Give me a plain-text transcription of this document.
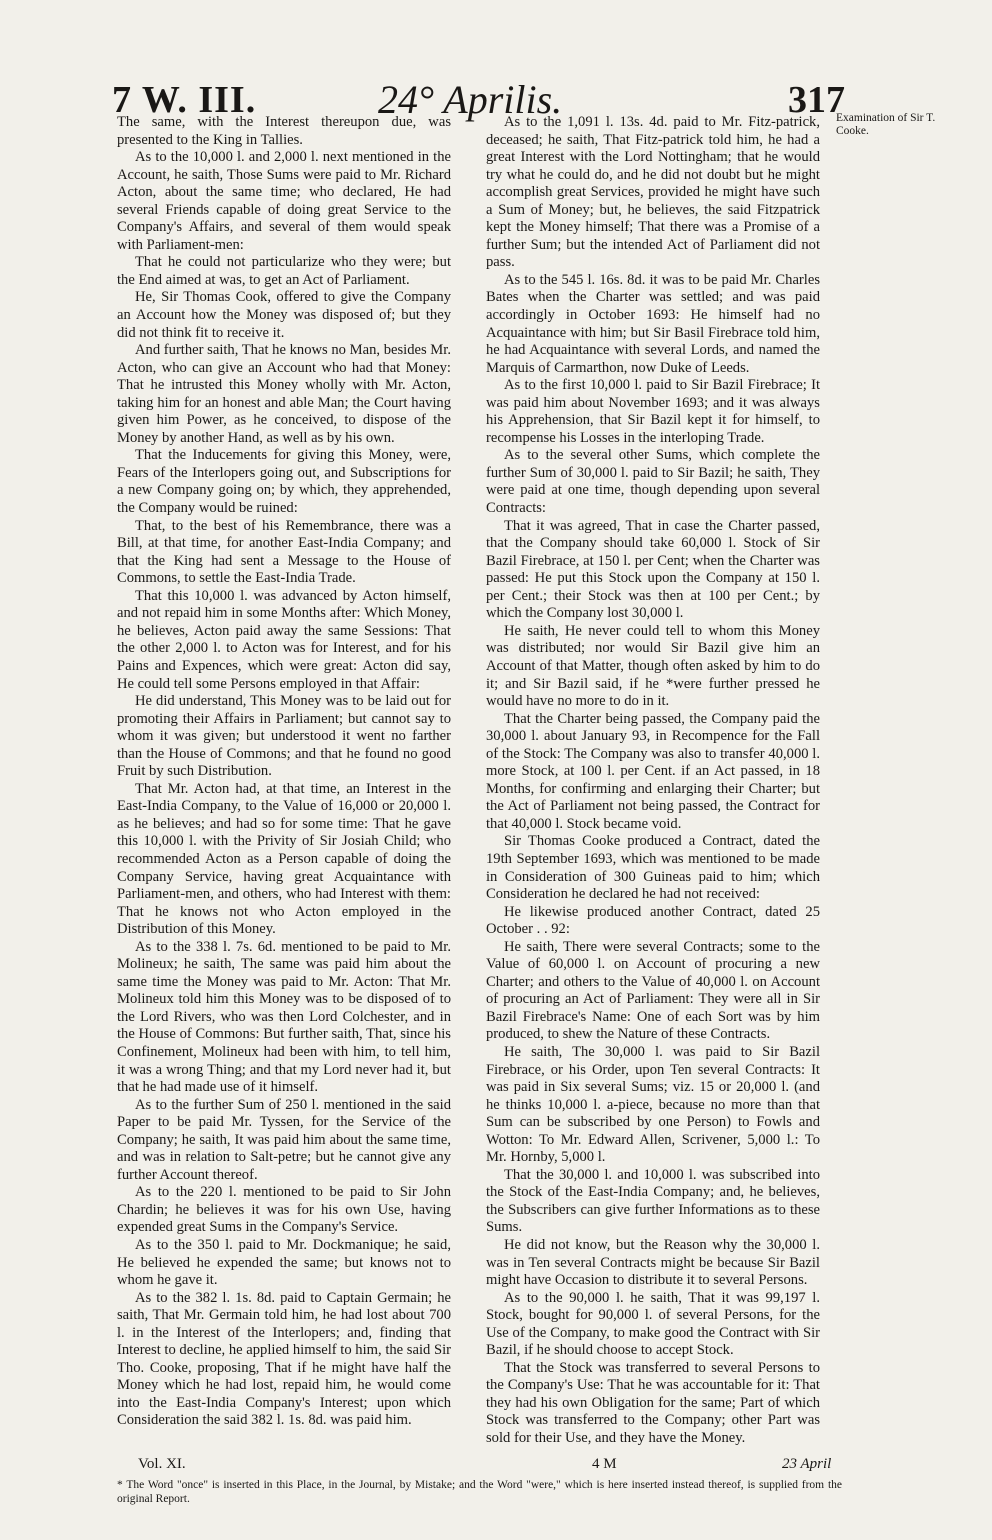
7 W. III.	24° Aprilis.	317
Examination of Sir T. Cooke.

The same, with the Interest thereupon due, was presented to the King in Tallies.

As to the 10,000 l. and 2,000 l. next mentioned in the Account, he saith, Those Sums were paid to Mr. Richard Acton, about the same time; who declared, He had several Friends capable of doing great Service to the Company's Affairs, and several of them would speak with Parliament-men:

That he could not particularize who they were; but the End aimed at was, to get an Act of Parliament.

He, Sir Thomas Cook, offered to give the Company an Account how the Money was disposed of; but they did not think fit to receive it.

And further saith, That he knows no Man, besides Mr. Acton, who can give an Account who had that Money: That he intrusted this Money wholly with Mr. Acton, taking him for an honest and able Man; the Court having given him Power, as he conceived, to dispose of the Money by another Hand, as well as by his own.

That the Inducements for giving this Money, were, Fears of the Interlopers going out, and Subscriptions for a new Company going on; by which, they apprehended, the Company would be ruined:

That, to the best of his Remembrance, there was a Bill, at that time, for another East-India Company; and that the King had sent a Message to the House of Commons, to settle the East-India Trade.

That this 10,000 l. was advanced by Acton himself, and not repaid him in some Months after: Which Money, he believes, Acton paid away the same Sessions: That the other 2,000 l. to Acton was for Interest, and for his Pains and Expences, which were great: Acton did say, He could tell some Persons employed in that Affair:

He did understand, This Money was to be laid out for promoting their Affairs in Parliament; but cannot say to whom it was given; but understood it went no farther than the House of Commons; and that he found no good Fruit by such Distribution.

That Mr. Acton had, at that time, an Interest in the East-India Company, to the Value of 16,000 or 20,000 l. as he believes; and had so for some time: That he gave this 10,000 l. with the Privity of Sir Josiah Child; who recommended Acton as a Person capable of doing the Company Service, having great Acquaintance with Parliament-men, and others, who had Interest with them: That he knows not who Acton employed in the Distribution of this Money.

As to the 338 l. 7s. 6d. mentioned to be paid to Mr. Molineux; he saith, The same was paid him about the same time the Money was paid to Mr. Acton: That Mr. Molineux told him this Money was to be disposed of to the Lord Rivers, who was then Lord Colchester, and in the House of Commons: But further saith, That, since his Confinement, Molineux had been with him, to tell him, it was a wrong Thing; and that my Lord never had it, but that he had made use of it himself.

As to the further Sum of 250 l. mentioned in the said Paper to be paid Mr. Tyssen, for the Service of the Company; he saith, It was paid him about the same time, and was in relation to Salt-petre; but he cannot give any further Account thereof.

As to the 220 l. mentioned to be paid to Sir John Chardin; he believes it was for his own Use, having expended great Sums in the Company's Service.

As to the 350 l. paid to Mr. Dockmanique; he said, He believed he expended the same; but knows not to whom he gave it.

As to the 382 l. 1s. 8d. paid to Captain Germain; he saith, That Mr. Germain told him, he had lost about 700 l. in the Interest of the Interlopers; and, finding that Interest to decline, he applied himself to him, the said Sir Tho. Cooke, proposing, That if he might have half the Money which he had lost, repaid him, he would come into the East-India Company's Interest; upon which Consideration the said 382 l. 1s. 8d. was paid him.

As to the 1,091 l. 13s. 4d. paid to Mr. Fitz-patrick, deceased; he saith, That Fitz-patrick told him, he had a great Interest with the Lord Nottingham; that he would try what he could do, and he did not doubt but he might accomplish great Services, provided he might have such a Sum of Money; but, he believes, the said Fitzpatrick kept the Money himself; That there was a Promise of a further Sum; but the intended Act of Parliament did not pass.

As to the 545 l. 16s. 8d. it was to be paid Mr. Charles Bates when the Charter was settled; and was paid accordingly in October 1693: He himself had no Acquaintance with him; but Sir Basil Firebrace told him, he had Acquaintance with several Lords, and named the Marquis of Carmarthon, now Duke of Leeds.

As to the first 10,000 l. paid to Sir Bazil Firebrace; It was paid him about November 1693; and it was always his Apprehension, that Sir Bazil kept it for himself, to recompense his Losses in the interloping Trade.

As to the several other Sums, which complete the further Sum of 30,000 l. paid to Sir Bazil; he saith, They were paid at one time, though depending upon several Contracts:

That it was agreed, That in case the Charter passed, that the Company should take 60,000 l. Stock of Sir Bazil Firebrace, at 150 l. per Cent; when the Charter was passed: He put this Stock upon the Company at 150 l. per Cent.; their Stock was then at 100 per Cent.; by which the Company lost 30,000 l.

He saith, He never could tell to whom this Money was distributed; nor would Sir Bazil give him an Account of that Matter, though often asked by him to do it; and Sir Bazil said, if he *were further pressed he would have no more to do in it.

That the Charter being passed, the Company paid the 30,000 l. about January 93, in Recompence for the Fall of the Stock: The Company was also to transfer 40,000 l. more Stock, at 100 l. per Cent. if an Act passed, in 18 Months, for confirming and enlarging their Charter; but the Act of Parliament not being passed, the Contract for that 40,000 l. Stock became void.

Sir Thomas Cooke produced a Contract, dated the 19th September 1693, which was mentioned to be made in Consideration of 300 Guineas paid to him; which Consideration he declared he had not received:

He likewise produced another Contract, dated 25 October . . 92:

He saith, There were several Contracts; some to the Value of 60,000 l. on Account of procuring a new Charter; and others to the Value of 40,000 l. on Account of procuring an Act of Parliament: They were all in Sir Bazil Firebrace's Name: One of each Sort was by him produced, to shew the Nature of these Contracts.

He saith, The 30,000 l. was paid to Sir Bazil Firebrace, or his Order, upon Ten several Contracts: It was paid in Six several Sums; viz. 15 or 20,000 l. (and he thinks 10,000 l. a-piece, because no more than that Sum can be subscribed by one Person) to Fowls and Wotton: To Mr. Edward Allen, Scrivener, 5,000 l.: To Mr. Hornby, 5,000 l.

That the 30,000 l. and 10,000 l. was subscribed into the Stock of the East-India Company; and, he believes, the Subscribers can give further Informations as to these Sums.

He did not know, but the Reason why the 30,000 l. was in Ten several Contracts might be because Sir Bazil might have Occasion to distribute it to several Persons.

As to the 90,000 l. he saith, That it was 99,197 l. Stock, bought for 90,000 l. of several Persons, for the Use of the Company, to make good the Contract with Sir Bazil, if he should choose to accept Stock.

That the Stock was transferred to several Persons to the Company's Use: That he was accountable for it: That they had his own Obligation for the same; Part of which Stock was transferred to the Company; other Part was sold for their Use, and they have the Money.

Vol. XI.	4 M	23 April
* The Word "once" is inserted in this Place, in the Journal, by Mistake; and the Word "were," which is here inserted instead thereof, is supplied from the original Report.
